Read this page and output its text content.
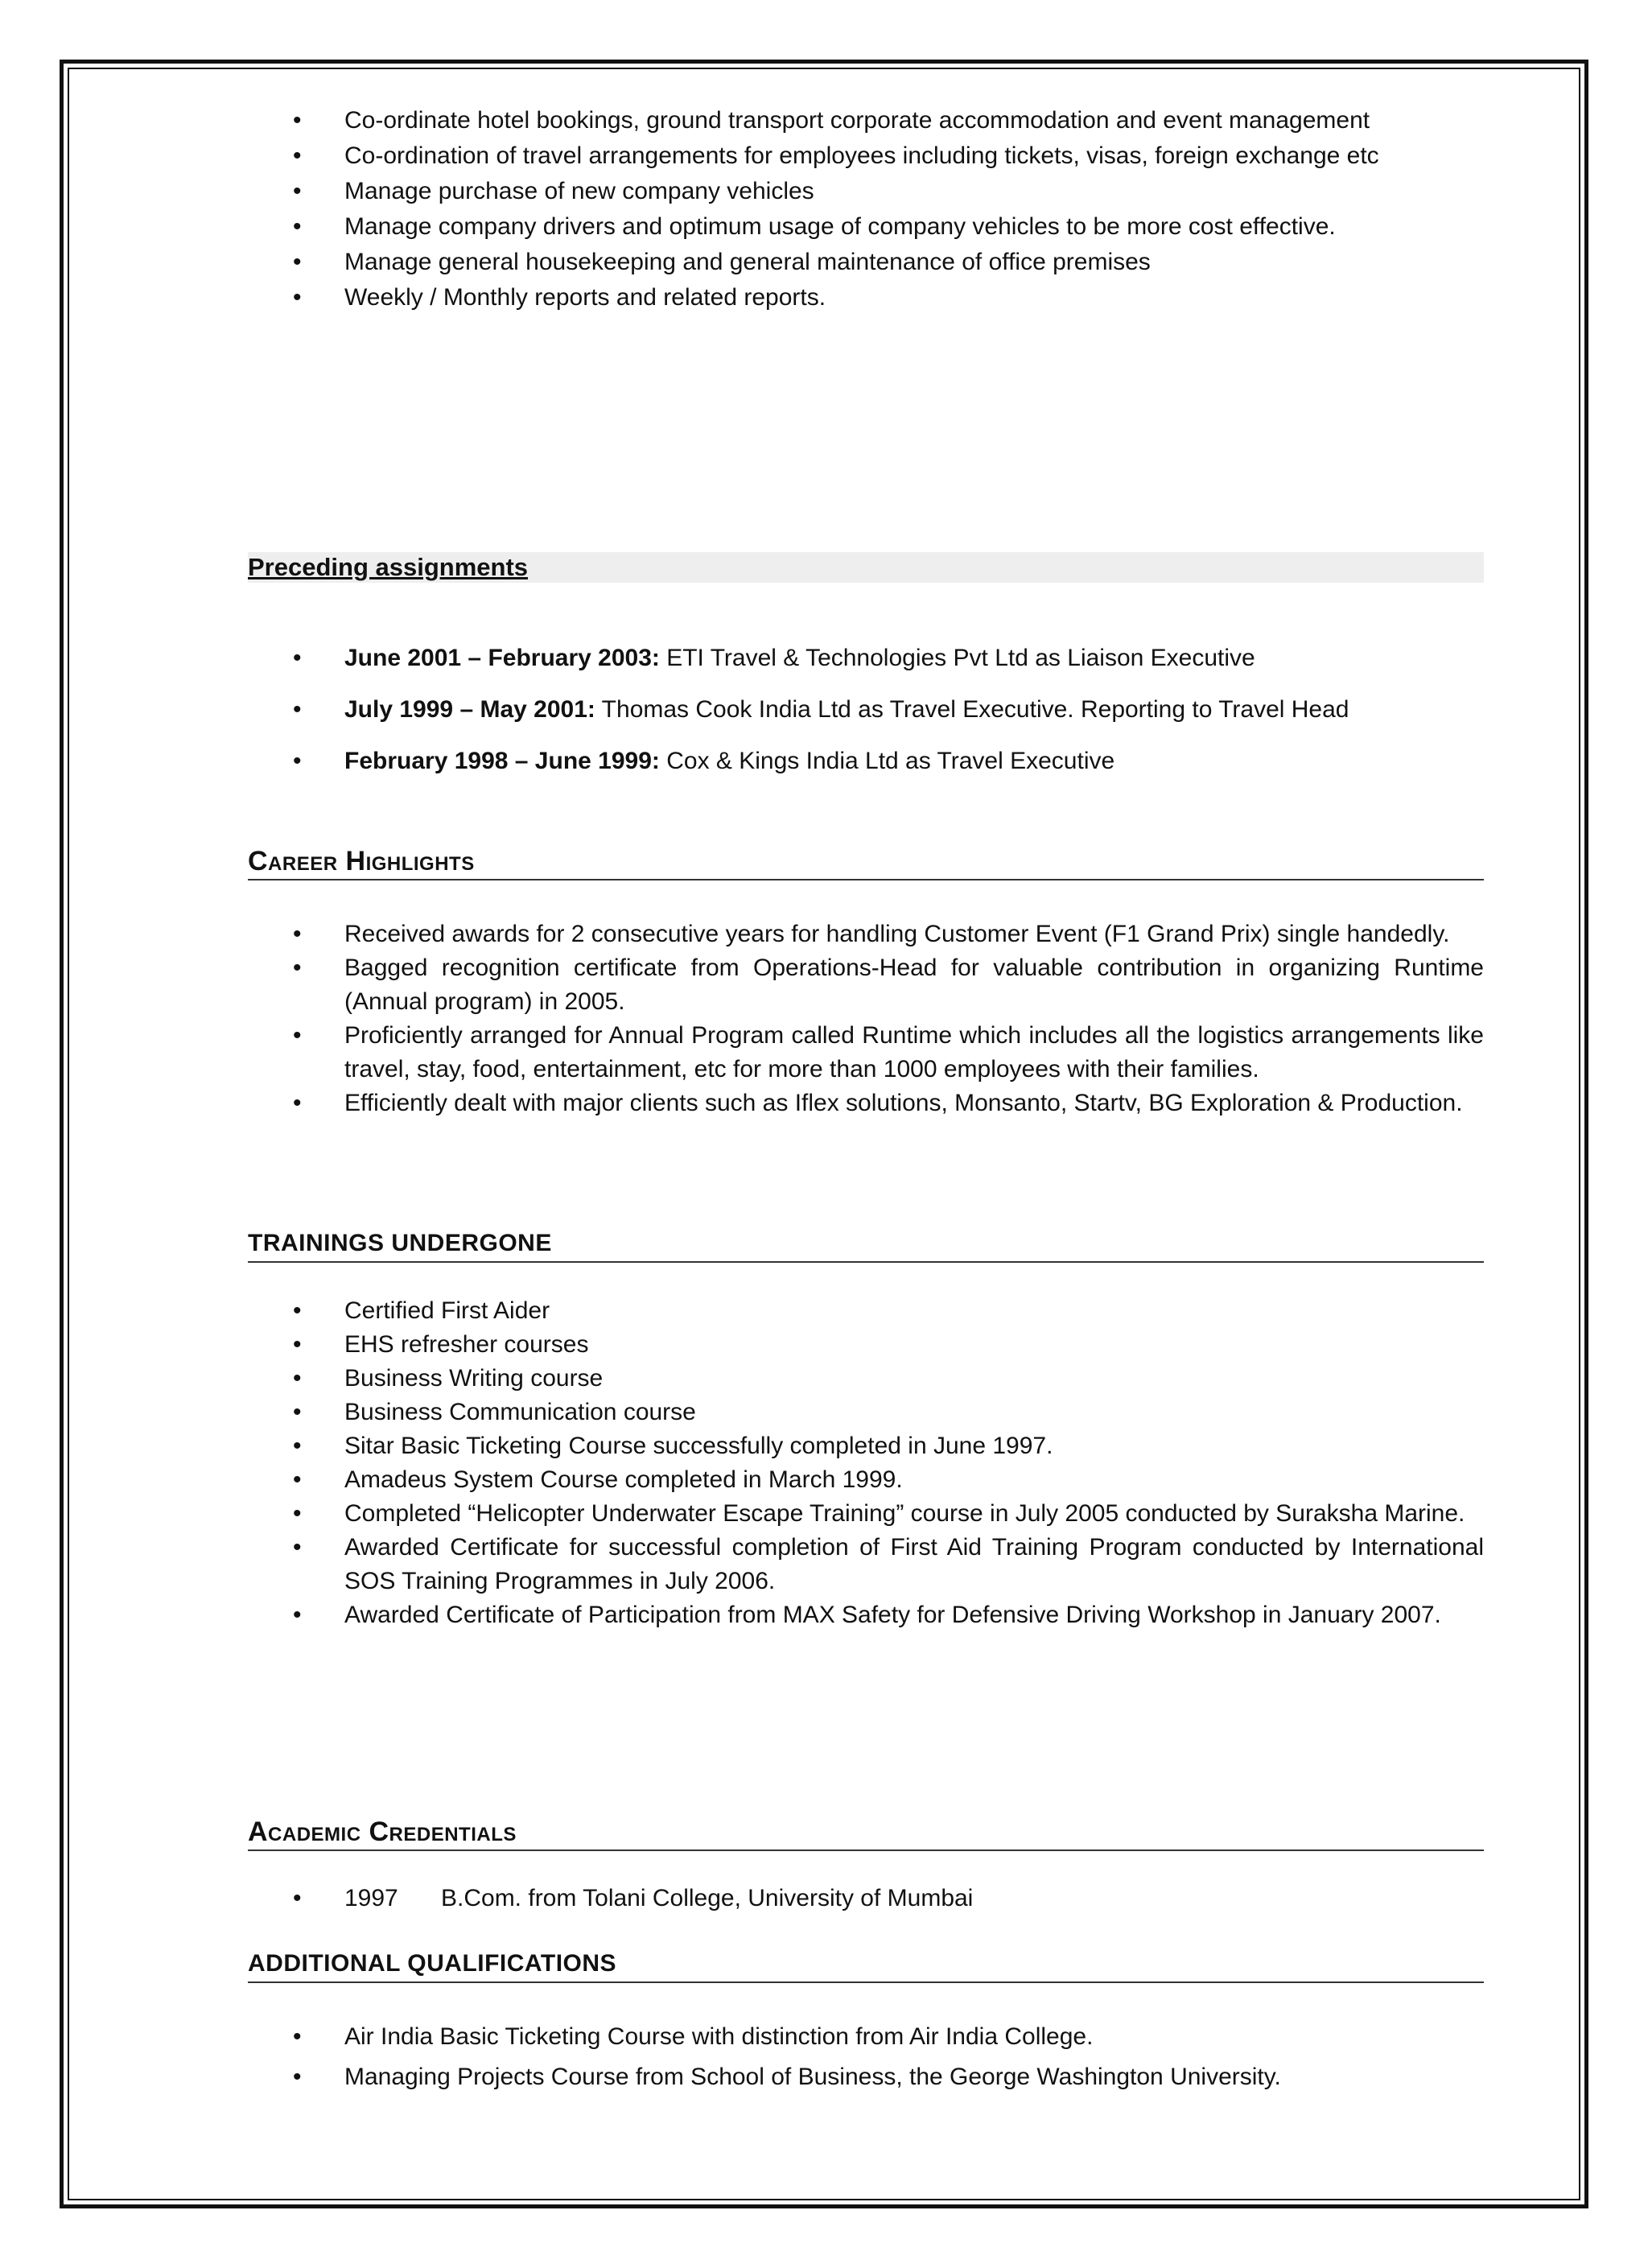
• Co-ordinate hotel bookings, ground transport corporate accommodation and event management
• Co-ordination of travel arrangements for employees including tickets, visas, foreign exchange etc
• Manage purchase of new company vehicles
• Manage company drivers and optimum usage of company vehicles to be more cost effective.
• Manage general housekeeping and general maintenance of office premises
• Weekly / Monthly reports and related reports.
Preceding assignments
• June 2001 – February 2003: ETI Travel & Technologies Pvt Ltd as Liaison Executive
• July 1999 – May 2001: Thomas Cook India Ltd as Travel Executive. Reporting to Travel Head
• February 1998 – June 1999: Cox & Kings India Ltd as Travel Executive
Career Highlights
• Received awards for 2 consecutive years for handling Customer Event (F1 Grand Prix) single handedly.
• Bagged recognition certificate from Operations-Head for valuable contribution in organizing Runtime (Annual program) in 2005.
• Proficiently arranged for Annual Program called Runtime which includes all the logistics arrangements like travel, stay, food, entertainment, etc for more than 1000 employees with their families.
• Efficiently dealt with major clients such as Iflex solutions, Monsanto, Startv, BG Exploration & Production.
TRAININGS UNDERGONE
• Certified First Aider
• EHS refresher courses
• Business Writing course
• Business Communication course
• Sitar Basic Ticketing Course successfully completed in June 1997.
• Amadeus System Course completed in March 1999.
• Completed “Helicopter Underwater Escape Training” course in July 2005 conducted by Suraksha Marine.
• Awarded Certificate for successful completion of First Aid Training Program conducted by International SOS Training Programmes in July 2006.
• Awarded Certificate of Participation from MAX Safety for Defensive Driving Workshop in January 2007.
Academic Credentials
• 1997 B.Com. from Tolani College, University of Mumbai
ADDITIONAL QUALIFICATIONS
• Air India Basic Ticketing Course with distinction from Air India College.
• Managing Projects Course from School of Business, the George Washington University.
